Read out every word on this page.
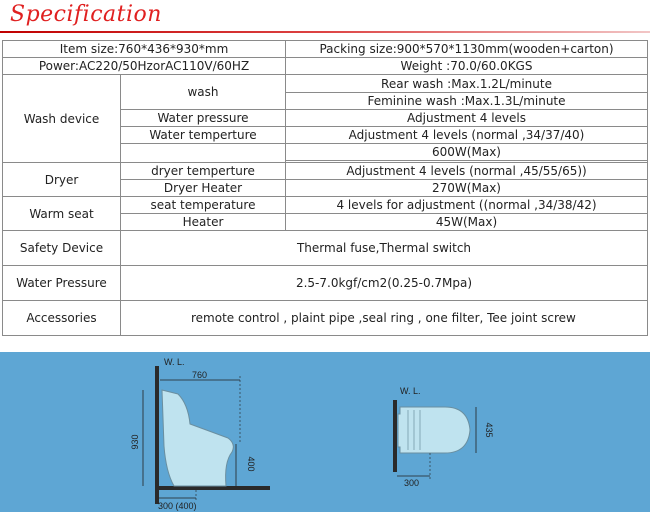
Specification
Item size:760*436*930*mm		Packing size:900*570*1130mm(wooden+carton)
Power:AC220/50HzorAC110V/60HZ		Weight :70.0/60.0KGS
Wash device	wash	Rear wash :Max.1.2L/minute
		Feminine wash :Max.1.3L/minute
	Water pressure	Adjustment 4 levels
	Water temperture	Adjustment 4 levels (normal ,34/37/40)
		600W(Max)

Dryer	dryer temperture	Adjustment 4 levels (normal ,45/55/65))
	Dryer Heater	270W(Max)
Warm seat	seat temperature	4 levels for adjustment ((normal ,34/38/42)
	Heater	45W(Max)
Safety Device	Thermal fuse,Thermal switch	
Water Pressure	2.5-7.0kgf/cm2(0.25-0.7Mpa)	
Accessories	remote control , plaint pipe ,seal ring , one filter, Tee joint screw	
W. L.
760
930
400
300 (400)
W. L.
435
300
